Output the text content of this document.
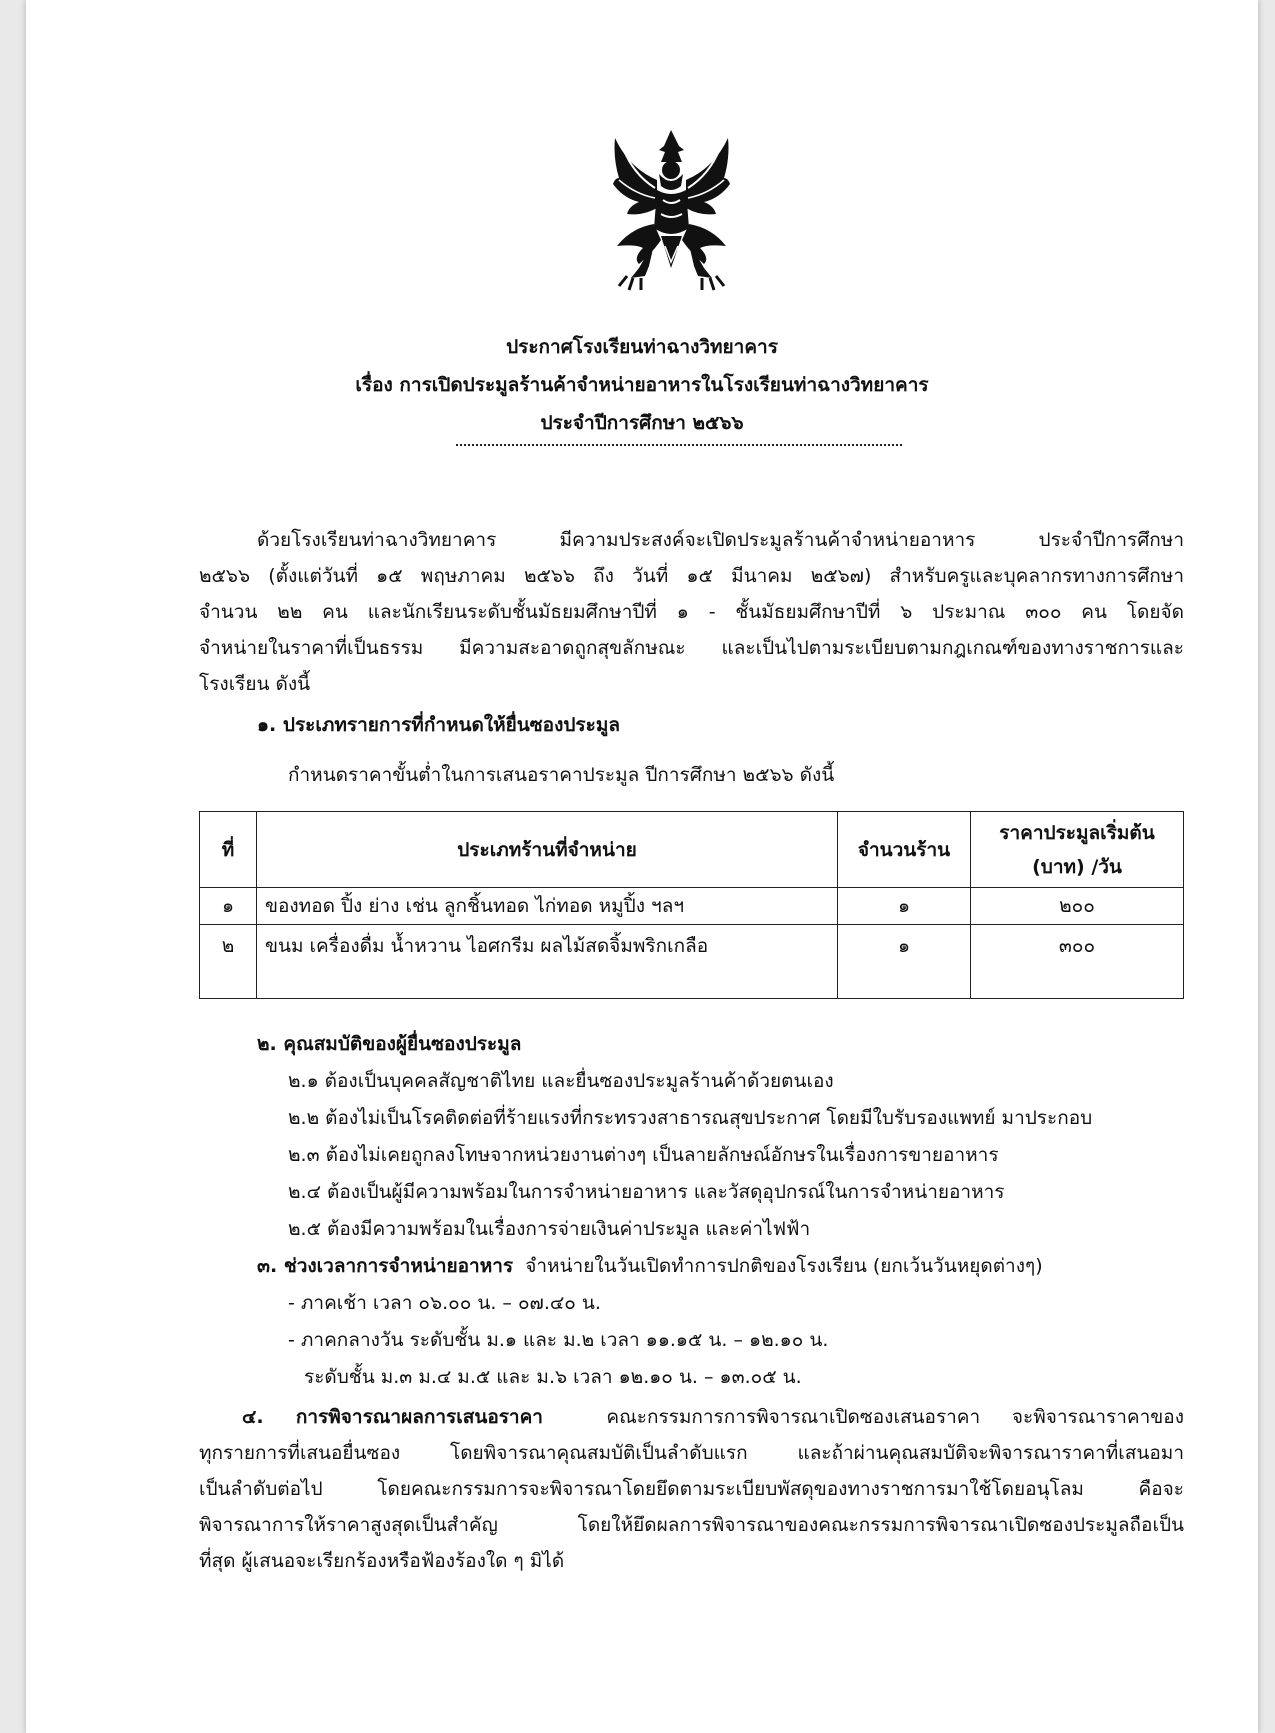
ประกาศโรงเรียนท่าฉางวิทยาคาร
เรื่อง การเปิดประมูลร้านค้าจำหน่ายอาหารในโรงเรียนท่าฉางวิทยาคาร
ประจำปีการศึกษา ๒๕๖๖
ด้วยโรงเรียนท่าฉางวิทยาคาร มีความประสงค์จะเปิดประมูลร้านค้าจำหน่ายอาหาร ประจำปีการศึกษา
๒๕๖๖ (ตั้งแต่วันที่ ๑๕ พฤษภาคม ๒๕๖๖ ถึง วันที่ ๑๕ มีนาคม ๒๕๖๗) สำหรับครูและบุคลากรทางการศึกษา
จำนวน ๒๒ คน และนักเรียนระดับชั้นมัธยมศึกษาปีที่ ๑ - ชั้นมัธยมศึกษาปีที่ ๖ ประมาณ ๓๐๐ คน โดยจัด
จำหน่ายในราคาที่เป็นธรรม มีความสะอาดถูกสุขลักษณะ และเป็นไปตามระเบียบตามกฎเกณฑ์ของทางราชการและ
โรงเรียน ดังนี้
๑. ประเภทรายการที่กำหนดให้ยื่นซองประมูล
กำหนดราคาขั้นต่ำในการเสนอราคาประมูล ปีการศึกษา ๒๕๖๖ ดังนี้
ที่	ประเภทร้านที่จำหน่าย	จำนวนร้าน	ราคาประมูลเริ่มต้น
(บาท) /วัน

๑	ของทอด ปิ้ง ย่าง เช่น ลูกชิ้นทอด ไก่ทอด หมูปิ้ง ฯลฯ	๑	๒๐๐
๒	ขนม เครื่องดื่ม น้ำหวาน ไอศกรีม ผลไม้สดจิ้มพริกเกลือ	๑	๓๐๐
๒. คุณสมบัติของผู้ยื่นซองประมูล
๒.๑ ต้องเป็นบุคคลสัญชาติไทย และยื่นซองประมูลร้านค้าด้วยตนเอง
๒.๒ ต้องไม่เป็นโรคติดต่อที่ร้ายแรงที่กระทรวงสาธารณสุขประกาศ โดยมีใบรับรองแพทย์ มาประกอบ
๒.๓ ต้องไม่เคยถูกลงโทษจากหน่วยงานต่างๆ เป็นลายลักษณ์อักษรในเรื่องการขายอาหาร
๒.๔ ต้องเป็นผู้มีความพร้อมในการจำหน่ายอาหาร และวัสดุอุปกรณ์ในการจำหน่ายอาหาร
๒.๕ ต้องมีความพร้อมในเรื่องการจ่ายเงินค่าประมูล และค่าไฟฟ้า
๓. ช่วงเวลาการจำหน่ายอาหาร จำหน่ายในวันเปิดทำการปกติของโรงเรียน (ยกเว้นวันหยุดต่างๆ)
- ภาคเช้า เวลา ๐๖.๐๐ น. – ๐๗.๔๐ น.
- ภาคกลางวัน ระดับชั้น ม.๑ และ ม.๒ เวลา ๑๑.๑๕ น. – ๑๒.๑๐ น.
ระดับชั้น ม.๓ ม.๔ ม.๕ และ ม.๖ เวลา ๑๒.๑๐ น. – ๑๓.๐๕ น.
๔. การพิจารณาผลการเสนอราคา	คณะกรรมการการพิจารณาเปิดซองเสนอราคา จะพิจารณาราคาของ
ทุกรายการที่เสนอยื่นซอง โดยพิจารณาคุณสมบัติเป็นลำดับแรก และถ้าผ่านคุณสมบัติจะพิจารณาราคาที่เสนอมา
เป็นลำดับต่อไป โดยคณะกรรมการจะพิจารณาโดยยึดตามระเบียบพัสดุของทางราชการมาใช้โดยอนุโลม คือจะ
พิจารณาการให้ราคาสูงสุดเป็นสำคัญ โดยให้ยึดผลการพิจารณาของคณะกรรมการพิจารณาเปิดซองประมูลถือเป็น
ที่สุด ผู้เสนอจะเรียกร้องหรือฟ้องร้องใด ๆ มิได้
